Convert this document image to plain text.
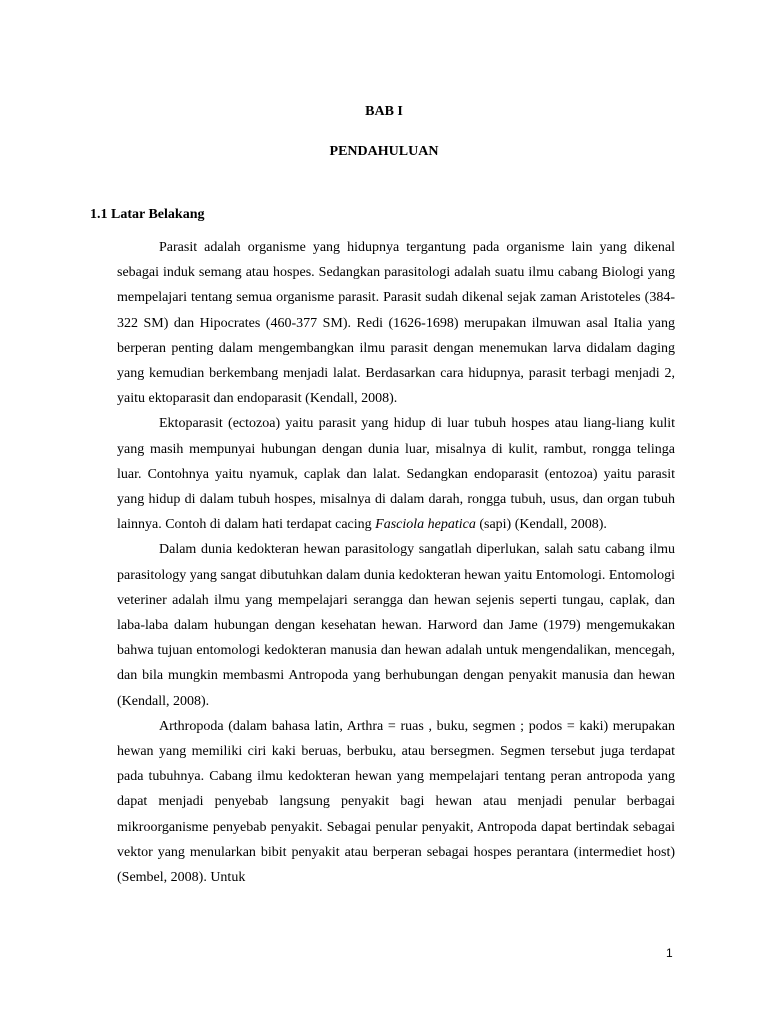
BAB I
PENDAHULUAN
1.1 Latar Belakang

Parasit adalah organisme yang hidupnya tergantung pada organisme lain yang dikenal sebagai induk semang atau hospes. Sedangkan parasitologi adalah suatu ilmu cabang Biologi yang mempelajari tentang semua organisme parasit. Parasit sudah dikenal sejak zaman Aristoteles (384-322 SM) dan Hipocrates (460-377 SM). Redi (1626-1698) merupakan ilmuwan asal Italia yang berperan penting dalam mengembangkan ilmu parasit dengan menemukan larva didalam daging yang kemudian berkembang menjadi lalat. Berdasarkan cara hidupnya, parasit terbagi menjadi 2, yaitu ektoparasit dan endoparasit (Kendall, 2008).

Ektoparasit (ectozoa) yaitu parasit yang hidup di luar tubuh hospes atau liang-liang kulit yang masih mempunyai hubungan dengan dunia luar, misalnya di kulit, rambut, rongga telinga luar. Contohnya yaitu nyamuk, caplak dan lalat. Sedangkan endoparasit (entozoa) yaitu parasit yang hidup di dalam tubuh hospes, misalnya di dalam darah, rongga tubuh, usus, dan organ tubuh lainnya. Contoh di dalam hati terdapat cacing Fasciola hepatica (sapi) (Kendall, 2008).

Dalam dunia kedokteran hewan parasitology sangatlah diperlukan, salah satu cabang ilmu parasitology yang sangat dibutuhkan dalam dunia kedokteran hewan yaitu Entomologi. Entomologi veteriner adalah ilmu yang mempelajari serangga dan hewan sejenis seperti tungau, caplak, dan laba-laba dalam hubungan dengan kesehatan hewan. Harword dan Jame (1979) mengemukakan bahwa tujuan entomologi kedokteran manusia dan hewan adalah untuk mengendalikan, mencegah, dan bila mungkin membasmi Antropoda yang berhubungan dengan penyakit manusia dan hewan (Kendall, 2008).

Arthropoda (dalam bahasa latin, Arthra = ruas , buku, segmen ; podos = kaki) merupakan hewan yang memiliki ciri kaki beruas, berbuku, atau bersegmen. Segmen tersebut juga terdapat pada tubuhnya. Cabang ilmu kedokteran hewan yang mempelajari tentang peran antropoda yang dapat menjadi penyebab langsung penyakit bagi hewan atau menjadi penular berbagai mikroorganisme penyebab penyakit. Sebagai penular penyakit, Antropoda dapat bertindak sebagai vektor yang menularkan bibit penyakit atau berperan sebagai hospes perantara (intermediet host) (Sembel, 2008). Untuk

1
